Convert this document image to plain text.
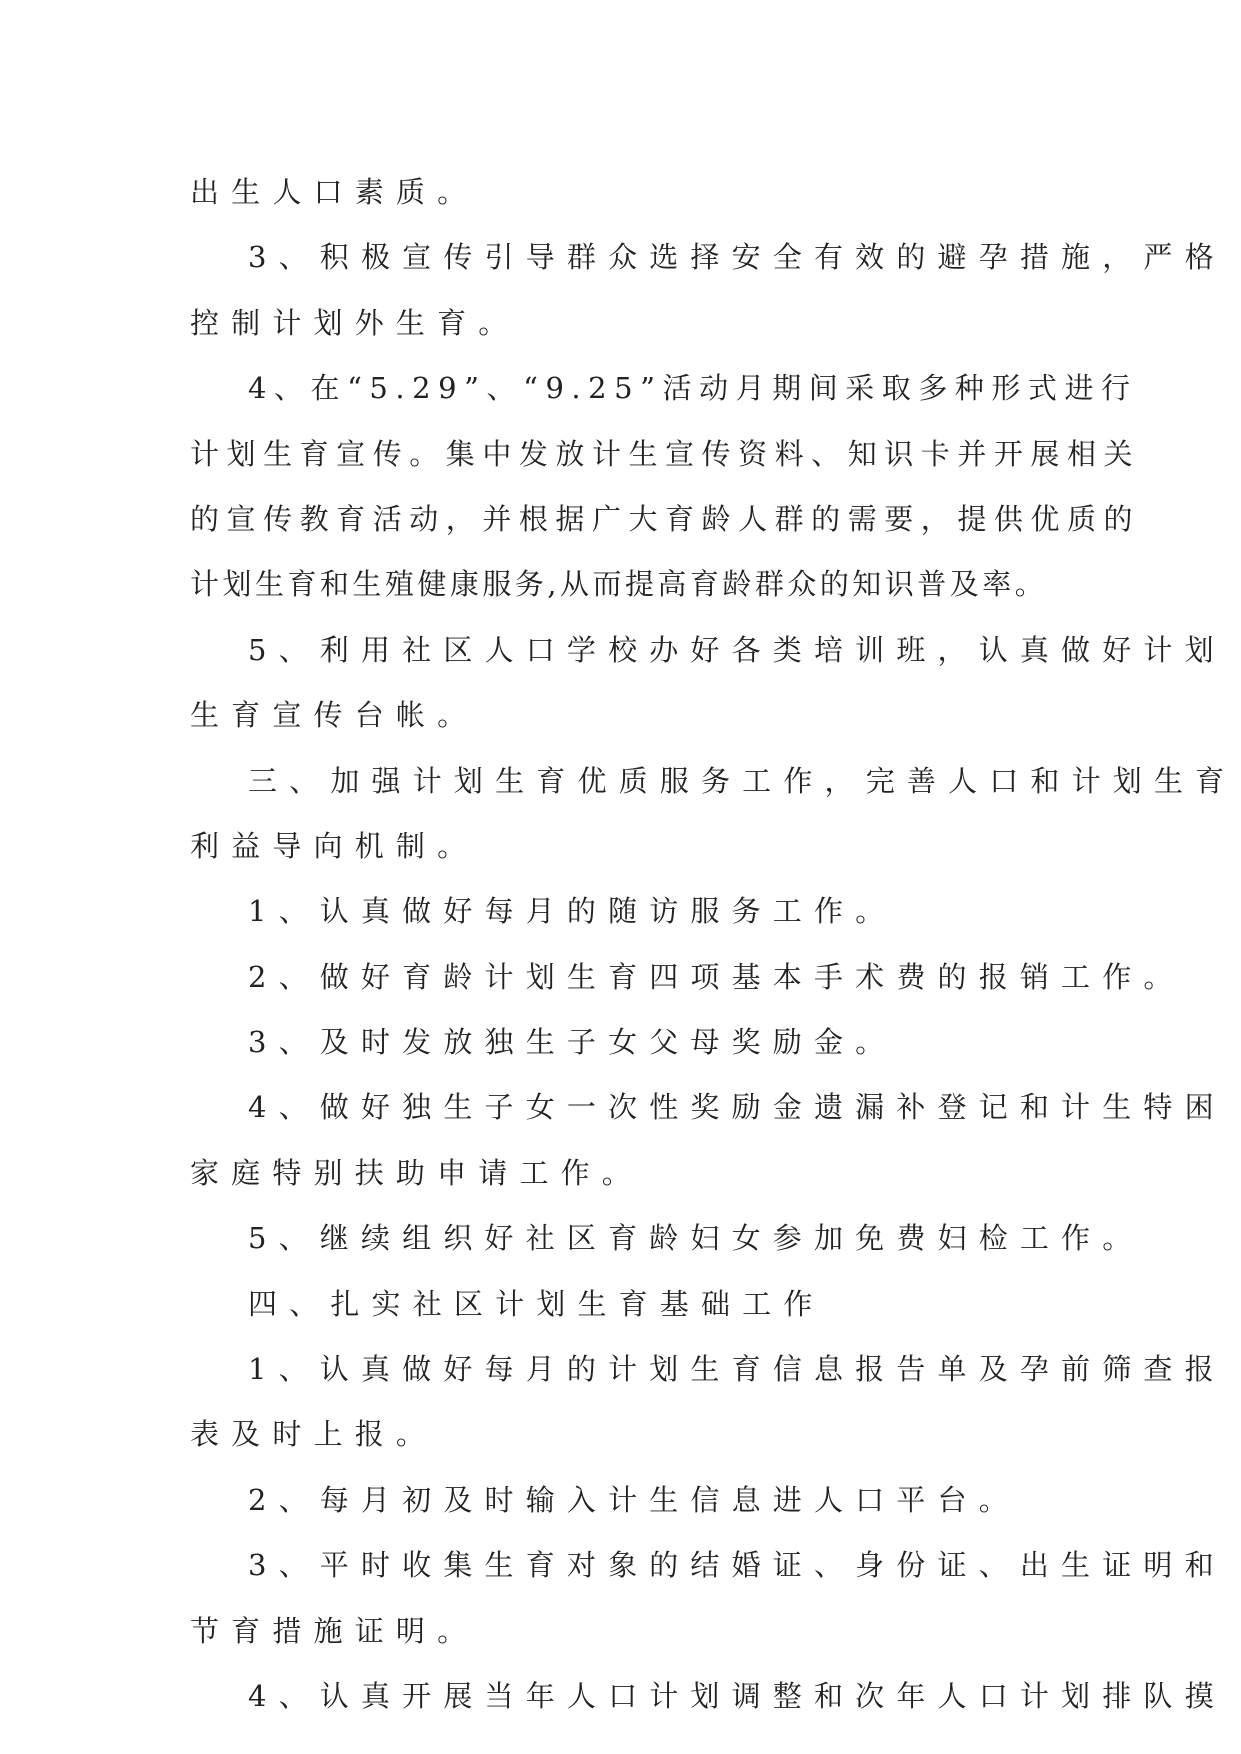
出生人口素质。
3、积极宣传引导群众选择安全有效的避孕措施，严格
控制计划外生育。
4、在“5.29”、“9.25”活动月期间采取多种形式进行
计划生育宣传。集中发放计生宣传资料、知识卡并开展相关
的宣传教育活动，并根据广大育龄人群的需要，提供优质的
计划生育和生殖健康服务,从而提高育龄群众的知识普及率。
5、利用社区人口学校办好各类培训班，认真做好计划
生育宣传台帐。
三、加强计划生育优质服务工作，完善人口和计划生育
利益导向机制。
1、认真做好每月的随访服务工作。
2、做好育龄计划生育四项基本手术费的报销工作。
3、及时发放独生子女父母奖励金。
4、做好独生子女一次性奖励金遗漏补登记和计生特困
家庭特别扶助申请工作。
5、继续组织好社区育龄妇女参加免费妇检工作。
四、扎实社区计划生育基础工作
1、认真做好每月的计划生育信息报告单及孕前筛查报
表及时上报。
2、每月初及时输入计生信息进人口平台。
3、平时收集生育对象的结婚证、身份证、出生证明和
节育措施证明。
4、认真开展当年人口计划调整和次年人口计划排队摸
